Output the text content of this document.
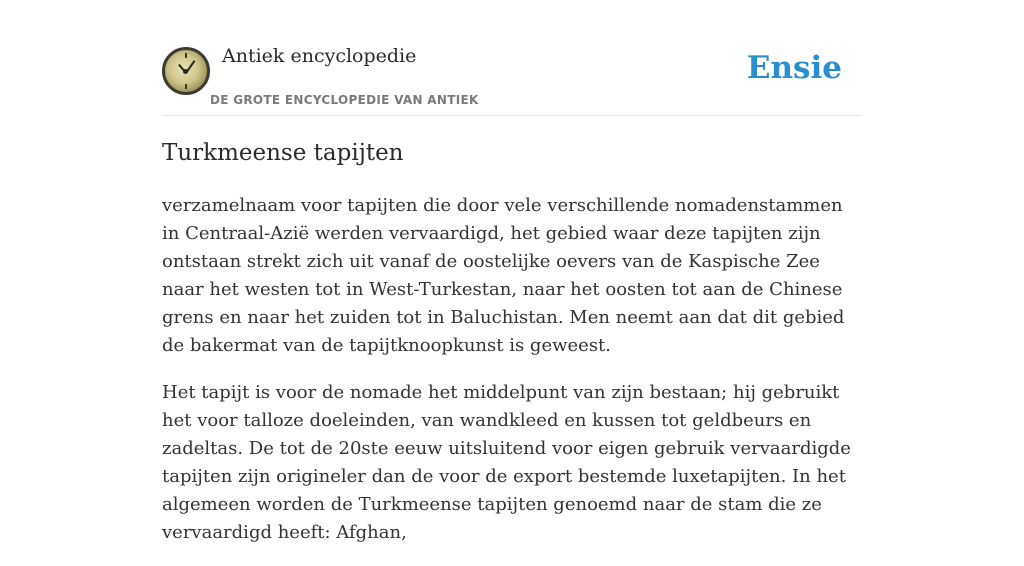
Antiek encyclopedie
DE GROTE ENCYCLOPEDIE VAN ANTIEK
Ensie
Turkmeense tapijten

verzamelnaam voor tapijten die door vele verschillende nomadenstammen in Centraal-Azië werden vervaardigd, het gebied waar deze tapijten zijn ontstaan strekt zich uit vanaf de oostelijke oevers van de Kaspische Zee naar het westen tot in West-Turkestan, naar het oosten tot aan de Chinese grens en naar het zuiden tot in Baluchistan. Men neemt aan dat dit gebied de bakermat van de tapijtknoopkunst is geweest.

Het tapijt is voor de nomade het middelpunt van zijn bestaan; hij gebruikt het voor talloze doeleinden, van wandkleed en kussen tot geldbeurs en zadeltas. De tot de 20ste eeuw uitsluitend voor eigen gebruik vervaardigde tapijten zijn origineler dan de voor de export bestemde luxetapijten. In het algemeen worden de Turkmeense tapijten genoemd naar de stam die ze vervaardigd heeft: Afghan,
